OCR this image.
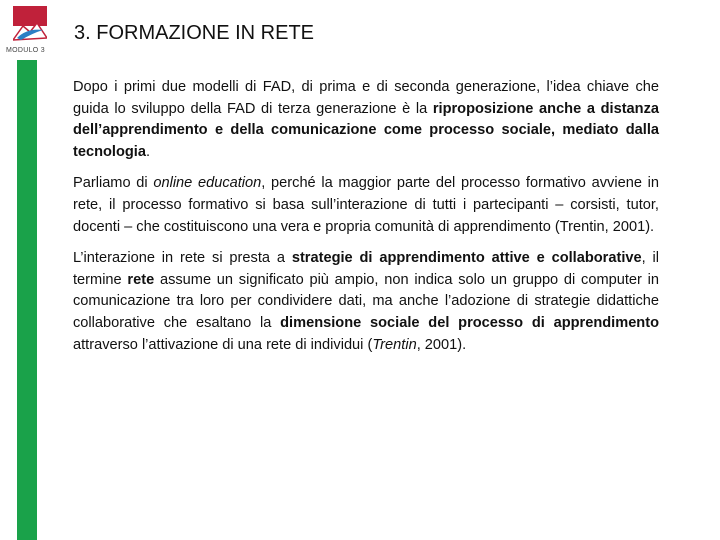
MODULO 3
3. FORMAZIONE IN RETE

Dopo i primi due modelli di FAD, di prima e di seconda generazione, l’idea chiave che guida lo sviluppo della FAD di terza generazione è la riproposizione anche a distanza dell’apprendimento e della comunicazione come processo sociale, mediato dalla tecnologia.

Parliamo di online education, perché la maggior parte del processo formativo avviene in rete, il processo formativo si basa sull’interazione di tutti i partecipanti – corsisti, tutor, docenti – che costituiscono una vera e propria comunità di apprendimento (Trentin, 2001).

L’interazione in rete si presta a strategie di apprendimento attive e collaborative, il termine rete assume un significato più ampio, non indica solo un gruppo di computer in comunicazione tra loro per condividere dati, ma anche l’adozione di strategie didattiche collaborative che esaltano la dimensione sociale del processo di apprendimento attraverso l’attivazione di una rete di individui (Trentin, 2001).
